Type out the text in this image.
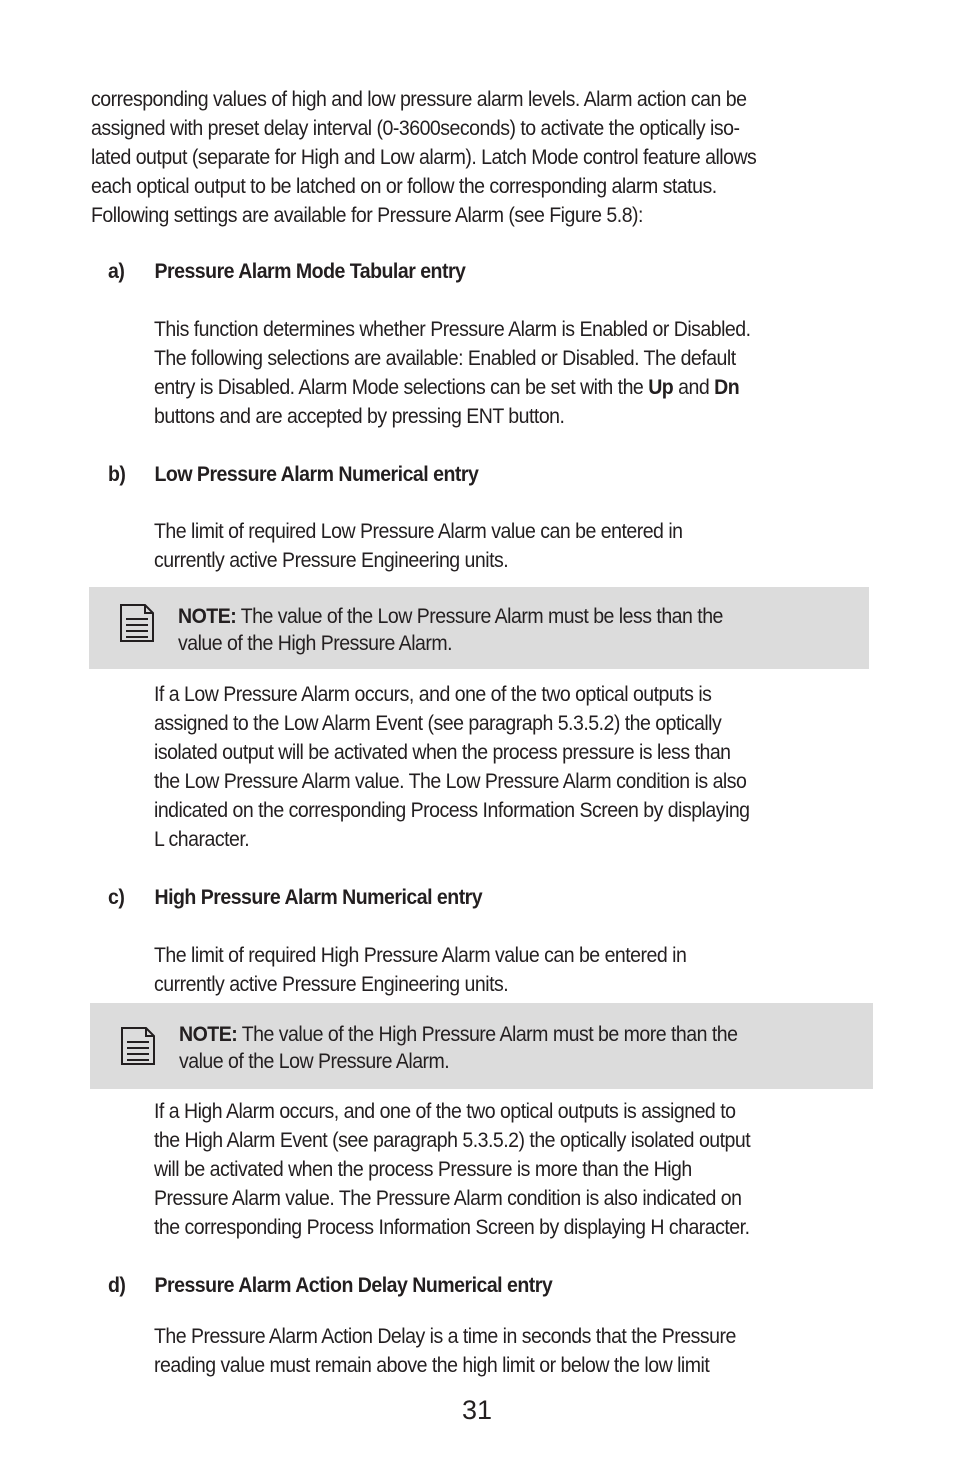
corresponding values of high and low pressure alarm levels. Alarm action can be
assigned with preset delay interval (0-3600seconds) to activate the optically iso-
lated output (separate for High and Low alarm). Latch Mode control feature allows
each optical output to be latched on or follow the corresponding alarm status.
Following settings are available for Pressure Alarm (see Figure 5.8):
a) Pressure Alarm Mode Tabular entry
This function determines whether Pressure Alarm is Enabled or Disabled.
The following selections are available: Enabled or Disabled. The default
entry is Disabled. Alarm Mode selections can be set with the Up and Dn
buttons and are accepted by pressing ENT button.
b) Low Pressure Alarm Numerical entry
The limit of required Low Pressure Alarm value can be entered in
currently active Pressure Engineering units.
NOTE: The value of the Low Pressure Alarm must be less than the
value of the High Pressure Alarm.
If a Low Pressure Alarm occurs, and one of the two optical outputs is
assigned to the Low Alarm Event (see paragraph 5.3.5.2) the optically
isolated output will be activated when the process pressure is less than
the Low Pressure Alarm value. The Low Pressure Alarm condition is also
indicated on the corresponding Process Information Screen by displaying
L character.
c) High Pressure Alarm Numerical entry
The limit of required High Pressure Alarm value can be entered in
currently active Pressure Engineering units.
NOTE: The value of the High Pressure Alarm must be more than the
value of the Low Pressure Alarm.
If a High Alarm occurs, and one of the two optical outputs is assigned to
the High Alarm Event (see paragraph 5.3.5.2) the optically isolated output
will be activated when the process Pressure is more than the High
Pressure Alarm value. The Pressure Alarm condition is also indicated on
the corresponding Process Information Screen by displaying H character.
d) Pressure Alarm Action Delay Numerical entry
The Pressure Alarm Action Delay is a time in seconds that the Pressure
reading value must remain above the high limit or below the low limit
31
